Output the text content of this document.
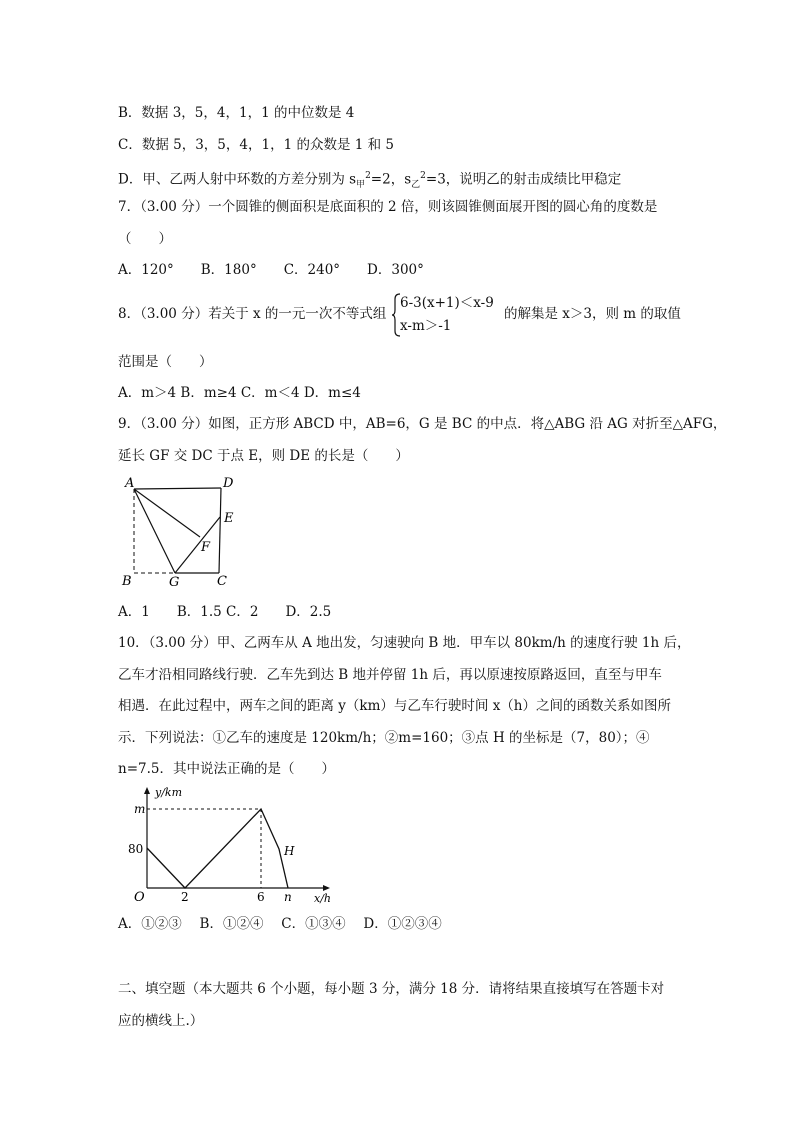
B．数据 3，5，4，1，1 的中位数是 4
C．数据 5，3，5，4，1，1 的众数是 1 和 5
D．甲、乙两人射中环数的方差分别为 $s_甲^2=2$，$s_乙^2=3$，说明乙的射击成绩比甲稳定
7．（3.00 分）一个圆锥的侧面积是底面积的 2 倍，则该圆锥侧面展开图的圆心角的度数是
（　　）
A．120°　　B．180°　　C．240°　　D．300°
8．（3.00 分）若关于 x 的一元一次不等式组
6-3(x+1)＜x-9
x-m＞-1
的解集是 x＞3，则 m 的取值
范围是（　　）
A．m＞4 B．m≥4 C．m＜4 D．m≤4
9．（3.00 分）如图，正方形 ABCD 中，AB=6，G 是 BC 的中点．将△ABG 沿 AG 对折至△AFG，
延长 GF 交 DC 于点 E，则 DE 的长是（　　）
A	D
E
F
B	G	C
A．1　　B．1.5 C．2　　D．2.5
10．（3.00 分）甲、乙两车从 A 地出发，匀速驶向 B 地．甲车以 80km/h 的速度行驶 1h 后，
乙车才沿相同路线行驶．乙车先到达 B 地并停留 1h 后，再以原速按原路返回，直至与甲车
相遇．在此过程中，两车之间的距离 y（km）与乙车行驶时间 x（h）之间的函数关系如图所
示．下列说法：①乙车的速度是 120km/h；②m=160；③点 H 的坐标是（7，80）；④
n=7.5．其中说法正确的是（　　）
y/km
m
80
O	2	6 n
H
x/h
A．①②③　 B．①②④　 C．①③④　 D．①②③④
二、填空题（本大题共 6 个小题，每小题 3 分，满分 18 分．请将结果直接填写在答题卡对
应的横线上.）
